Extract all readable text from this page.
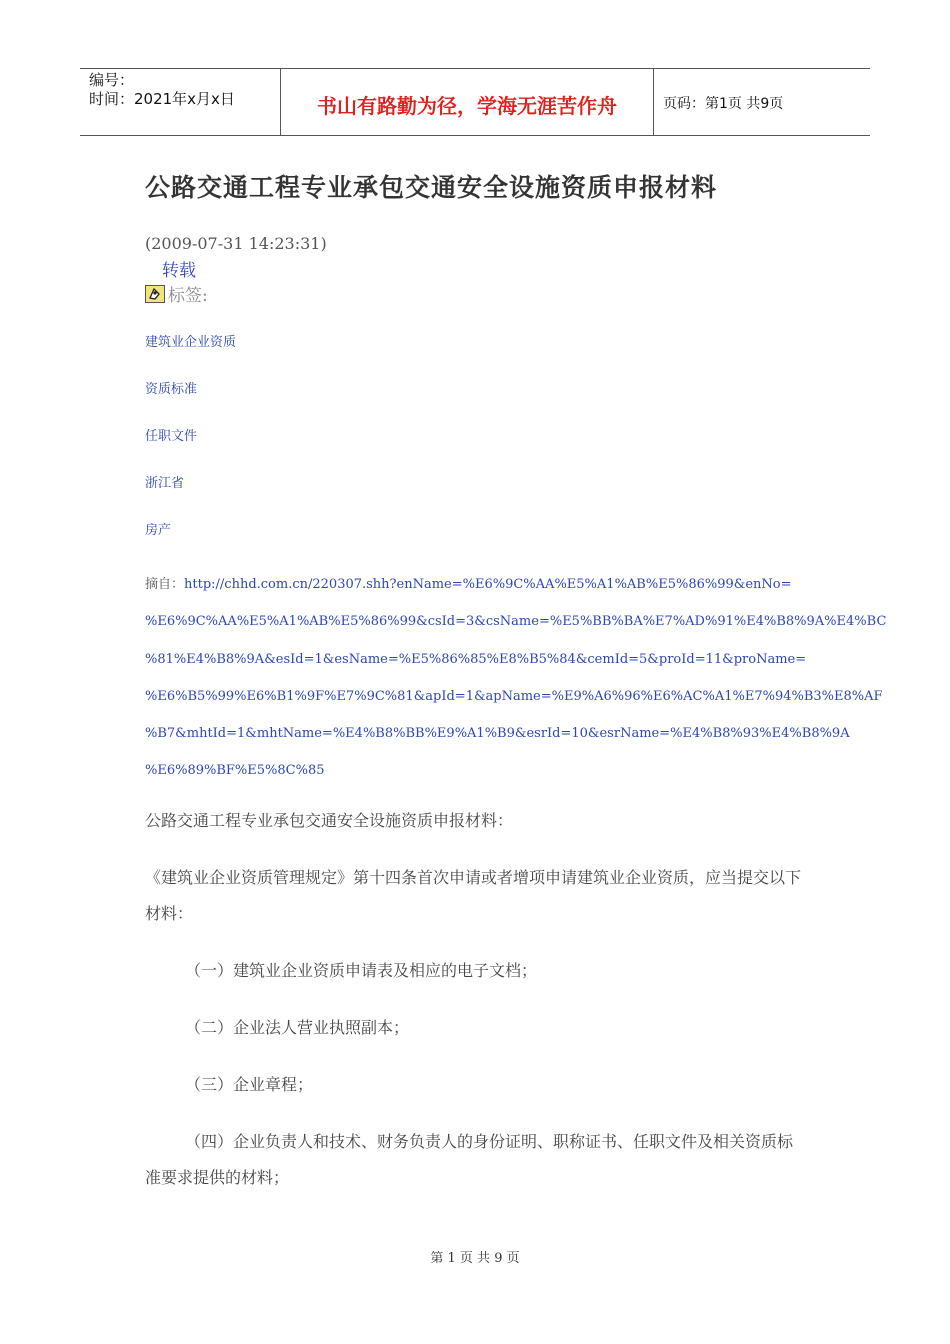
编号：
时间：2021年x月x日	书山有路勤为径，学海无涯苦作舟	页码：第1页 共9页
公路交通工程专业承包交通安全设施资质申报材料
(2009-07-31 14:23:31)
转载
标签:
建筑业企业资质
资质标准
任职文件
浙江省
房产
摘自：http://chhd.com.cn/220307.shh?enName=%E6%9C%AA%E5%A1%AB%E5%86%99&enNo=
%E6%9C%AA%E5%A1%AB%E5%86%99&csId=3&csName=%E5%BB%BA%E7%AD%91%E4%B8%9A%E4%BC
%81%E4%B8%9A&esId=1&esName=%E5%86%85%E8%B5%84&cemId=5&proId=11&proName=
%E6%B5%99%E6%B1%9F%E7%9C%81&apId=1&apName=%E9%A6%96%E6%AC%A1%E7%94%B3%E8%AF
%B7&mhtId=1&mhtName=%E4%B8%BB%E9%A1%B9&esrId=10&esrName=%E4%B8%93%E4%B8%9A
%E6%89%BF%E5%8C%85
公路交通工程专业承包交通安全设施资质申报材料：
《建筑业企业资质管理规定》第十四条首次申请或者增项申请建筑业企业资质，应当提交以下材料：
（一）建筑业企业资质申请表及相应的电子文档；
（二）企业法人营业执照副本；
（三）企业章程；
（四）企业负责人和技术、财务负责人的身份证明、职称证书、任职文件及相关资质标准要求提供的材料；
第 1 页 共 9 页
